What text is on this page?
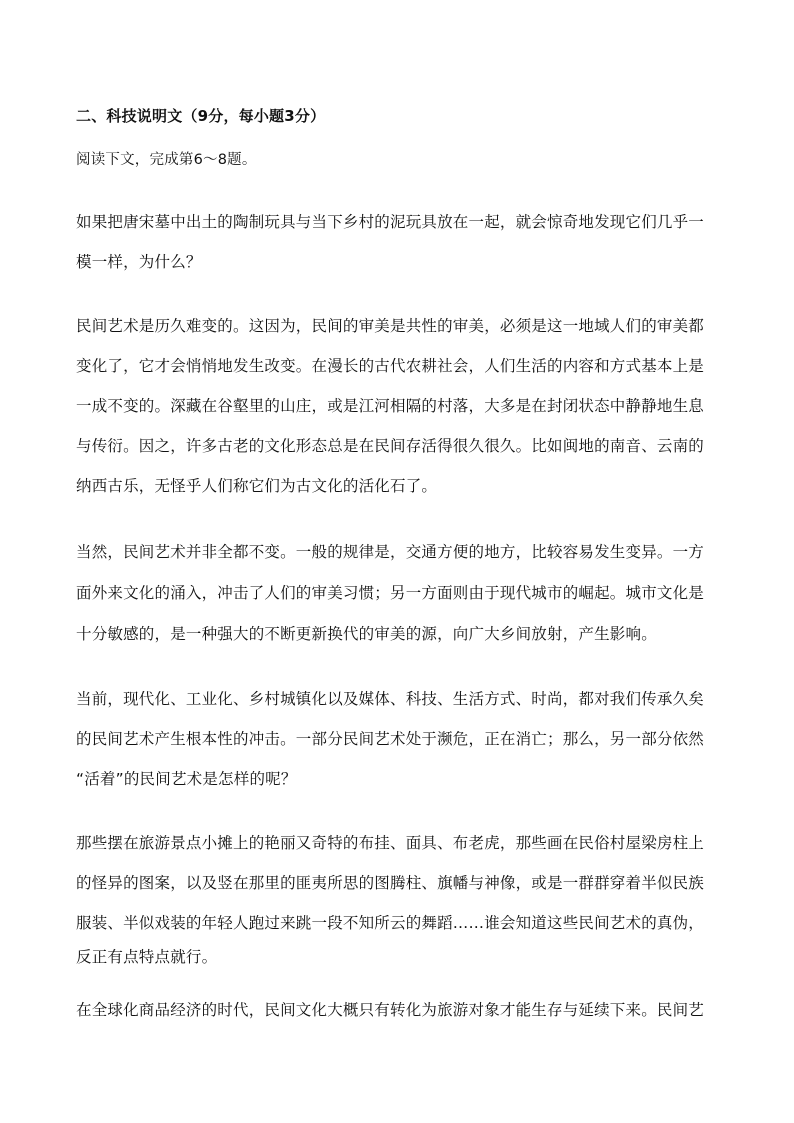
二、科技说明文（9分，每小题3分）
阅读下文，完成第6～8题。
如果把唐宋墓中出土的陶制玩具与当下乡村的泥玩具放在一起，就会惊奇地发现它们几乎一
模一样，为什么？
民间艺术是历久难变的。这因为，民间的审美是共性的审美，必须是这一地域人们的审美都
变化了，它才会悄悄地发生改变。在漫长的古代农耕社会，人们生活的内容和方式基本上是
一成不变的。深藏在谷壑里的山庄，或是江河相隔的村落，大多是在封闭状态中静静地生息
与传衍。因之，许多古老的文化形态总是在民间存活得很久很久。比如闽地的南音、云南的
纳西古乐，无怪乎人们称它们为古文化的活化石了。
当然，民间艺术并非全都不变。一般的规律是，交通方便的地方，比较容易发生变异。一方
面外来文化的涌入，冲击了人们的审美习惯；另一方面则由于现代城市的崛起。城市文化是
十分敏感的，是一种强大的不断更新换代的审美的源，向广大乡间放射，产生影响。
当前，现代化、工业化、乡村城镇化以及媒体、科技、生活方式、时尚，都对我们传承久矣
的民间艺术产生根本性的冲击。一部分民间艺术处于濒危，正在消亡；那么，另一部分依然
“活着”的民间艺术是怎样的呢？
那些摆在旅游景点小摊上的艳丽又奇特的布挂、面具、布老虎，那些画在民俗村屋梁房柱上
的怪异的图案，以及竖在那里的匪夷所思的图腾柱、旗幡与神像，或是一群群穿着半似民族
服装、半似戏装的年轻人跑过来跳一段不知所云的舞蹈……谁会知道这些民间艺术的真伪，
反正有点特点就行。
在全球化商品经济的时代，民间文化大概只有转化为旅游对象才能生存与延续下来。民间艺
